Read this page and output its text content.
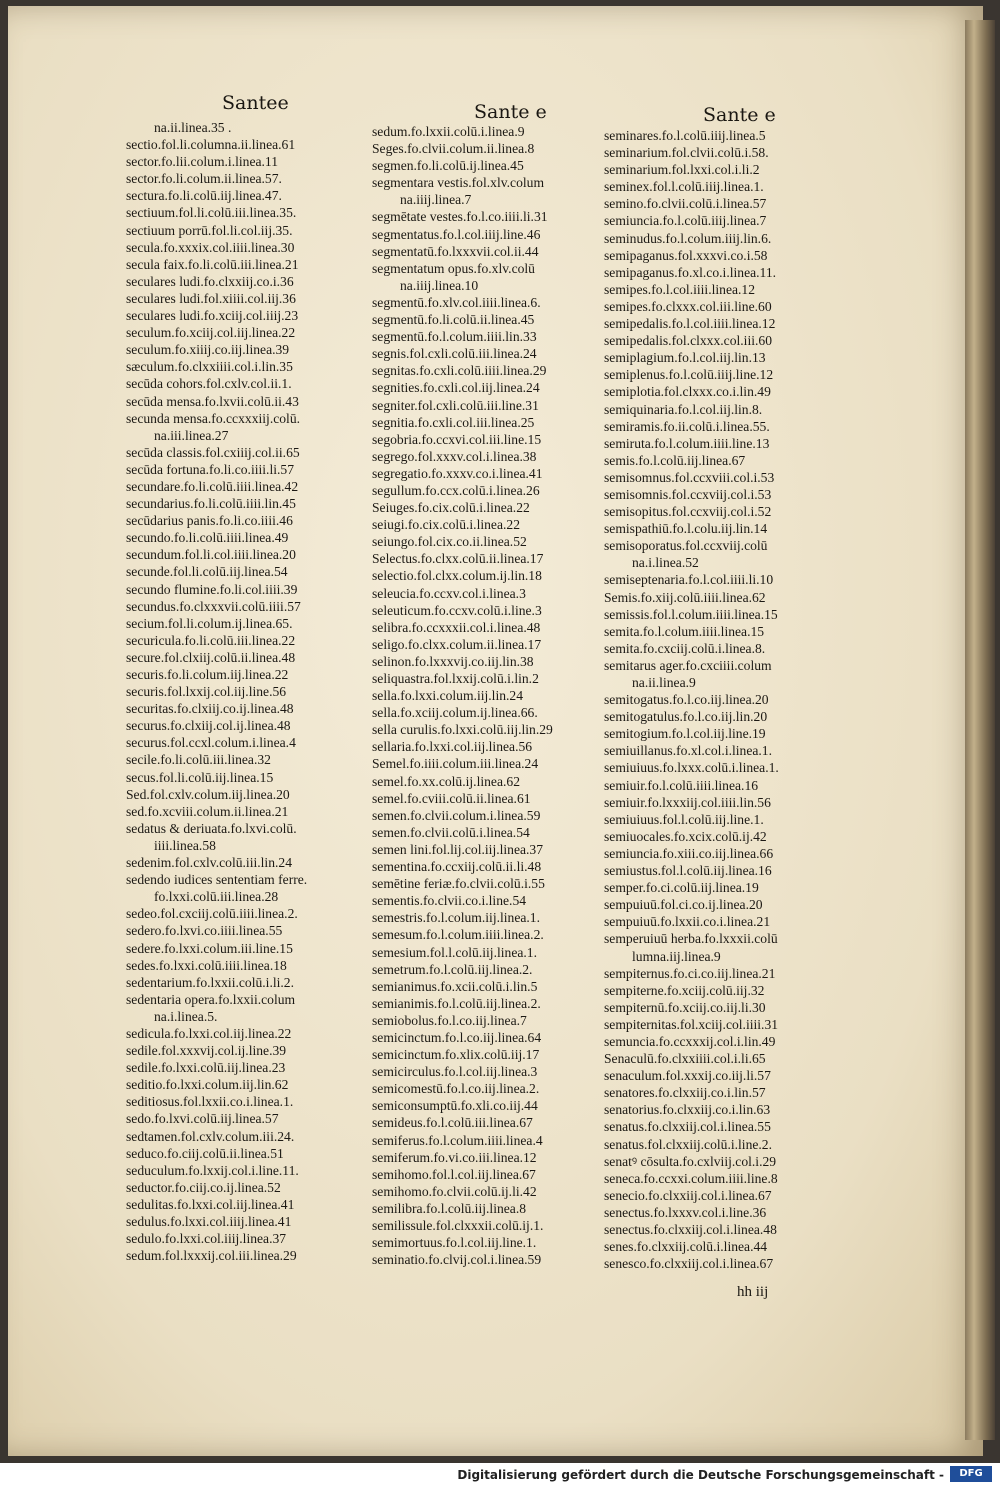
Santee	Sante e	Sante e
na.ii.linea.35 .
sectio.fol.li.columna.ii.linea.61
sector.fo.lii.colum.i.linea.11
sector.fo.li.colum.ii.linea.57.
sectura.fo.li.colū.iij.linea.47.
sectiuum.fol.li.colū.iii.linea.35.
sectiuum porrū.fol.li.col.iij.35.
secula.fo.xxxix.col.iiii.linea.30
secula faix.fo.li.colū.iii.linea.21
seculares ludi.fo.clxxiij.co.i.36
seculares ludi.fol.xiiii.col.iij.36
seculares ludi.fo.xciij.col.iiij.23
seculum.fo.xciij.col.iij.linea.22
seculum.fo.xiiij.co.iij.linea.39
sæculum.fo.clxxiiii.col.i.lin.35
secūda cohors.fol.cxlv.col.ii.1.
secūda mensa.fo.lxvii.colū.ii.43
secunda mensa.fo.ccxxxiij.colū.
na.iii.linea.27
secūda classis.fol.cxiiij.col.ii.65
secūda fortuna.fo.li.co.iiii.li.57
secundare.fo.li.colū.iiii.linea.42
secundarius.fo.li.colū.iiii.lin.45
secūdarius panis.fo.li.co.iiii.46
secundo.fo.li.colū.iiii.linea.49
secundum.fol.li.col.iiii.linea.20
secunde.fol.li.colū.iij.linea.54
secundo flumine.fo.li.col.iiii.39
secundus.fo.clxxxvii.colū.iiii.57
secium.fol.li.colum.ij.linea.65.
securicula.fo.li.colū.iii.linea.22
secure.fol.clxiij.colū.ii.linea.48
securis.fo.li.colum.iij.linea.22
securis.fol.lxxij.col.iij.line.56
securitas.fo.clxiij.co.ij.linea.48
securus.fo.clxiij.col.ij.linea.48
securus.fol.ccxl.colum.i.linea.4
secile.fo.li.colū.iii.linea.32
secus.fol.li.colū.iij.linea.15
Sed.fol.cxlv.colum.iij.linea.20
sed.fo.xcviii.colum.ii.linea.21
sedatus & deriuata.fo.lxvi.colū.
iiii.linea.58
sedenim.fol.cxlv.colū.iii.lin.24
sedendo iudices sententiam ferre.
fo.lxxi.colū.iii.linea.28
sedeo.fol.cxciij.colū.iiii.linea.2.
sedero.fo.lxvi.co.iiii.linea.55
sedere.fo.lxxi.colum.iii.line.15
sedes.fo.lxxi.colū.iiii.linea.18
sedentarium.fo.lxxii.colū.i.li.2.
sedentaria opera.fo.lxxii.colum
na.i.linea.5.
sedicula.fo.lxxi.col.iij.linea.22
sedile.fol.xxxvij.col.ij.line.39
sedile.fo.lxxi.colū.iij.linea.23
seditio.fo.lxxi.colum.iij.lin.62
seditiosus.fol.lxxii.co.i.linea.1.
sedo.fo.lxvi.colū.iij.linea.57
sedtamen.fol.cxlv.colum.iii.24.
seduco.fo.ciij.colū.ii.linea.51
seduculum.fo.lxxij.col.i.line.11.
seductor.fo.ciij.co.ij.linea.52
sedulitas.fo.lxxi.col.iij.linea.41
sedulus.fo.lxxi.col.iiij.linea.41
sedulo.fo.lxxi.col.iiij.linea.37
sedum.fol.lxxxij.col.iii.linea.29
sedum.fo.lxxii.colū.i.linea.9
Seges.fo.clvii.colum.ii.linea.8
segmen.fo.li.colū.ij.linea.45
segmentara vestis.fol.xlv.colum
na.iiij.linea.7
segmētate vestes.fo.l.co.iiii.li.31
segmentatus.fo.l.col.iiij.line.46
segmentatū.fo.lxxxvii.col.ii.44
segmentatum opus.fo.xlv.colū
na.iiij.linea.10
segmentū.fo.xlv.col.iiii.linea.6.
segmentū.fo.li.colū.ii.linea.45
segmentū.fo.l.colum.iiii.lin.33
segnis.fol.cxli.colū.iii.linea.24
segnitas.fo.cxli.colū.iiii.linea.29
segnities.fo.cxli.col.iij.linea.24
segniter.fol.cxli.colū.iii.line.31
segnitia.fo.cxli.col.iii.linea.25
segobria.fo.ccxvi.col.iii.line.15
segrego.fol.xxxv.col.i.linea.38
segregatio.fo.xxxv.co.i.linea.41
segullum.fo.ccx.colū.i.linea.26
Seiuges.fo.cix.colū.i.linea.22
seiugi.fo.cix.colū.i.linea.22
seiungo.fol.cix.co.ii.linea.52
Selectus.fo.clxx.colū.ii.linea.17
selectio.fol.clxx.colum.ij.lin.18
seleucia.fo.ccxv.col.i.linea.3
seleuticum.fo.ccxv.colū.i.line.3
selibra.fo.ccxxxii.col.i.linea.48
seligo.fo.clxx.colum.ii.linea.17
selinon.fo.lxxxvij.co.iij.lin.38
seliquastra.fol.lxxij.colū.i.lin.2
sella.fo.lxxi.colum.iij.lin.24
sella.fo.xciij.colum.ij.linea.66.
sella curulis.fo.lxxi.colū.iij.lin.29
sellaria.fo.lxxi.col.iij.linea.56
Semel.fo.iiii.colum.iii.linea.24
semel.fo.xx.colū.ij.linea.62
semel.fo.cviii.colū.ii.linea.61
semen.fo.clvii.colum.i.linea.59
semen.fo.clvii.colū.i.linea.54
semen lini.fol.lij.col.iij.linea.37
sementina.fo.ccxiij.colū.ii.li.48
semētine feriæ.fo.clvii.colū.i.55
sementis.fo.clvii.co.i.line.54
semestris.fo.l.colum.iij.linea.1.
semesum.fo.l.colum.iiii.linea.2.
semesium.fol.l.colū.iij.linea.1.
semetrum.fo.l.colū.iij.linea.2.
semianimus.fo.xcii.colū.i.lin.5
semianimis.fo.l.colū.iij.linea.2.
semiobolus.fo.l.co.iij.linea.7
semicinctum.fo.l.co.iij.linea.64
semicinctum.fo.xlix.colū.iij.17
semicirculus.fo.l.col.iij.linea.3
semicomestū.fo.l.co.iij.linea.2.
semiconsumptū.fo.xli.co.iij.44
semideus.fo.l.colū.iii.linea.67
semiferus.fo.l.colum.iiii.linea.4
semiferum.fo.vi.co.iii.linea.12
semihomo.fol.l.col.iij.linea.67
semihomo.fo.clvii.colū.ij.li.42
semilibra.fo.l.colū.iij.linea.8
semilissule.fol.clxxxii.colū.ij.1.
semimortuus.fo.l.col.iij.line.1.
seminatio.fo.clvij.col.i.linea.59
seminares.fo.l.colū.iiij.linea.5
seminarium.fol.clvii.colū.i.58.
seminarium.fol.lxxi.col.i.li.2
seminex.fol.l.colū.iiij.linea.1.
semino.fo.clvii.colū.i.linea.57
semiuncia.fo.l.colū.iiij.linea.7
seminudus.fo.l.colum.iiij.lin.6.
semipaganus.fol.xxxvi.co.i.58
semipaganus.fo.xl.co.i.linea.11.
semipes.fo.l.col.iiii.linea.12
semipes.fo.clxxx.col.iii.line.60
semipedalis.fo.l.col.iiii.linea.12
semipedalis.fol.clxxx.col.iii.60
semiplagium.fo.l.col.iij.lin.13
semiplenus.fo.l.colū.iiij.line.12
semiplotia.fol.clxxx.co.i.lin.49
semiquinaria.fo.l.col.iij.lin.8.
semiramis.fo.ii.colū.i.linea.55.
semiruta.fo.l.colum.iiii.line.13
semis.fo.l.colū.iij.linea.67
semisomnus.fol.ccxviii.col.i.53
semisomnis.fol.ccxviij.col.i.53
semisopitus.fol.ccxviij.col.i.52
semispathiū.fo.l.colu.iij.lin.14
semisoporatus.fol.ccxviij.colū
na.i.linea.52
semiseptenaria.fo.l.col.iiii.li.10
Semis.fo.xiij.colū.iiii.linea.62
semissis.fol.l.colum.iiii.linea.15
semita.fo.l.colum.iiii.linea.15
semita.fo.cxciij.colū.i.linea.8.
semitarus ager.fo.cxciiii.colum
na.ii.linea.9
semitogatus.fo.l.co.iij.linea.20
semitogatulus.fo.l.co.iij.lin.20
semitogium.fo.l.col.iij.line.19
semiuillanus.fo.xl.col.i.linea.1.
semiuiuus.fo.lxxx.colū.i.linea.1.
semiuir.fo.l.colū.iiii.linea.16
semiuir.fo.lxxxiij.col.iiii.lin.56
semiuiuus.fol.l.colū.iij.line.1.
semiuocales.fo.xcix.colū.ij.42
semiuncia.fo.xiii.co.iij.linea.66
semiustus.fol.l.colū.iij.linea.16
semper.fo.ci.colū.iij.linea.19
sempuiuū.fol.ci.co.ij.linea.20
sempuiuū.fo.lxxii.co.i.linea.21
semperuiuū herba.fo.lxxxii.colū
lumna.iij.linea.9
sempiternus.fo.ci.co.iij.linea.21
sempiterne.fo.xciij.colū.iij.32
sempiternū.fo.xciij.co.iij.li.30
sempiternitas.fol.xciij.col.iiii.31
semuncia.fo.ccxxxij.col.i.lin.49
Senaculū.fo.clxxiiii.col.i.li.65
senaculum.fol.xxxij.co.iij.li.57
senatores.fo.clxxiij.co.i.lin.57
senatorius.fo.clxxiij.co.i.lin.63
senatus.fo.clxxiij.col.i.linea.55
senatus.fol.clxxiij.colū.i.line.2.
senatꝰ cōsulta.fo.cxlviij.col.i.29
seneca.fo.ccxxi.colum.iiii.line.8
senecio.fo.clxxiij.col.i.linea.67
senectus.fo.lxxxv.col.i.line.36
senectus.fo.clxxiij.col.i.linea.48
senes.fo.clxxiij.colū.i.linea.44
senesco.fo.clxxiij.col.i.linea.67
hh iij
Digitalisierung gefördert durch die Deutsche Forschungsgemeinschaft -	DFG
